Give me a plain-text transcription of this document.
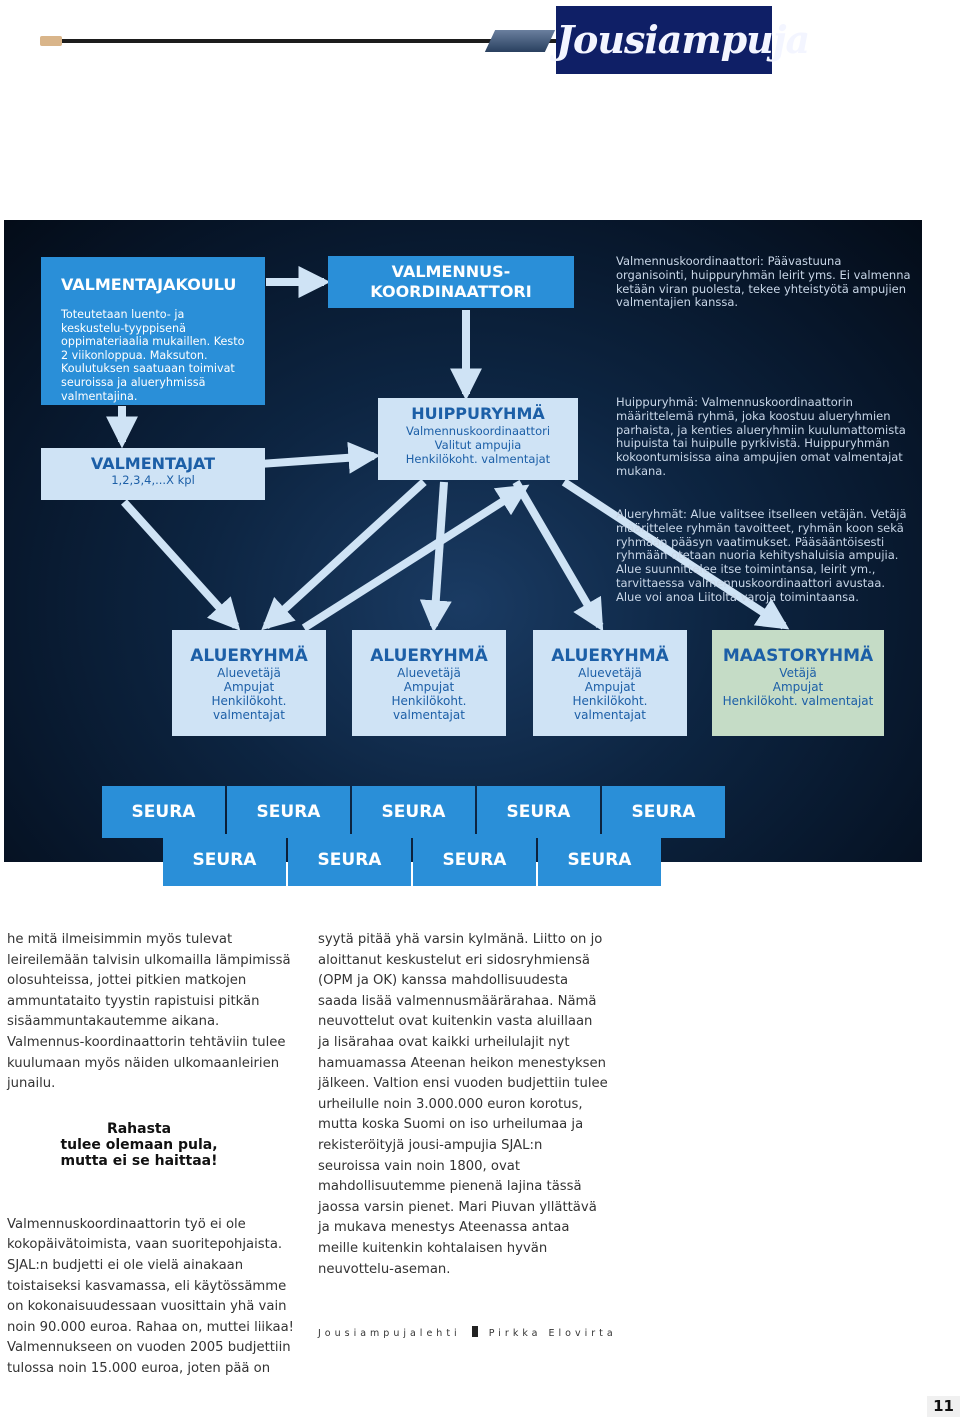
Jousiampuja
VALMENTAJAKOULU
Toteutetaan luento- ja keskustelu-tyyppisenä oppimateriaalia mukaillen. Kesto 2 viikonloppua. Maksuton. Koulutuksen saatuaan toimivat seuroissa ja alueryhmissä valmentajina.
VALMENTAJAT
1,2,3,4,...X kpl
VALMENNUS-
KOORDINAATTORI
HUIPPURYHMÄ
Valmennuskoordinaattori
Valitut ampujia
Henkilökoht. valmentajat
ALUERYHMÄ
Aluevetäjä
Ampujat
Henkilökoht.
valmentajat
ALUERYHMÄ
Aluevetäjä
Ampujat
Henkilökoht.
valmentajat
ALUERYHMÄ
Aluevetäjä
Ampujat
Henkilökoht.
valmentajat
MAASTORYHMÄ
Vetäjä
Ampujat
Henkilökoht. valmentajat
SEURA	SEURA	SEURA	SEURA	SEURA
SEURA	SEURA	SEURA	SEURA
Valmennuskoordinaattori: Päävastuuna organisointi, huippuryhmän leirit yms. Ei valmenna ketään viran puolesta, tekee yhteistyötä ampujien valmentajien kanssa.
Huippuryhmä: Valmennuskoordinaattorin määrittelemä ryhmä, joka koostuu alueryhmien parhaista, ja kenties alueryhmiin kuulumattomista huipuista tai huipulle pyrkivistä. Huippuryhmän kokoontumisissa aina ampujien omat valmentajat mukana.
Alueryhmät: Alue valitsee itselleen vetäjän. Vetäjä määrittelee ryhmän tavoitteet, ryhmän koon sekä ryhmään pääsyn vaatimukset. Pääsääntöisesti ryhmään otetaan nuoria kehityshaluisia ampujia. Alue suunnittelee itse toimintansa, leirit ym., tarvittaessa valmennuskoordinaattori avustaa. Alue voi anoa Liitolta varoja toimintaansa.

he mitä ilmeisimmin myös tulevat leireilemään talvisin ulkomailla lämpimissä olosuhteissa, jottei pitkien matkojen ammuntataito tyystin rapistuisi pitkän sisäammuntakautemme aikana. Valmennus-koordinaattorin tehtäviin tulee kuulumaan myös näiden ulkomaanleirien junailu.

Rahasta
tulee olemaan pula,
mutta ei se haittaa!

Valmennuskoordinaattorin työ ei ole kokopäivätoimista, vaan suoritepohjaista. SJAL:n budjetti ei ole vielä ainakaan toistaiseksi kasvamassa, eli käytössämme on kokonaisuudessaan vuosittain yhä vain noin 90.000 euroa. Rahaa on, muttei liikaa! Valmennukseen on vuoden 2005 budjettiin tulossa noin 15.000 euroa, joten pää on

syytä pitää yhä varsin kylmänä. Liitto on jo aloittanut keskustelut eri sidosryhmiensä (OPM ja OK) kanssa mahdollisuudesta saada lisää valmennusmäärärahaa. Nämä neuvottelut ovat kuitenkin vasta aluillaan ja lisärahaa ovat kaikki urheilulajit nyt hamuamassa Ateenan heikon menestyksen jälkeen. Valtion ensi vuoden budjettiin tulee urheilulle noin 3.000.000 euron korotus, mutta koska Suomi on iso urheilumaa ja rekisteröityjä jousi-ampujia SJAL:n seuroissa vain noin 1800, ovat mahdollisuutemme pienenä lajina tässä jaossa varsin pienet. Mari Piuvan yllättävä ja mukava menestys Ateenassa antaa meille kuitenkin kohtalaisen hyvän neuvottelu-aseman.

Jousiampujalehti	Pirkka Elovirta
11
